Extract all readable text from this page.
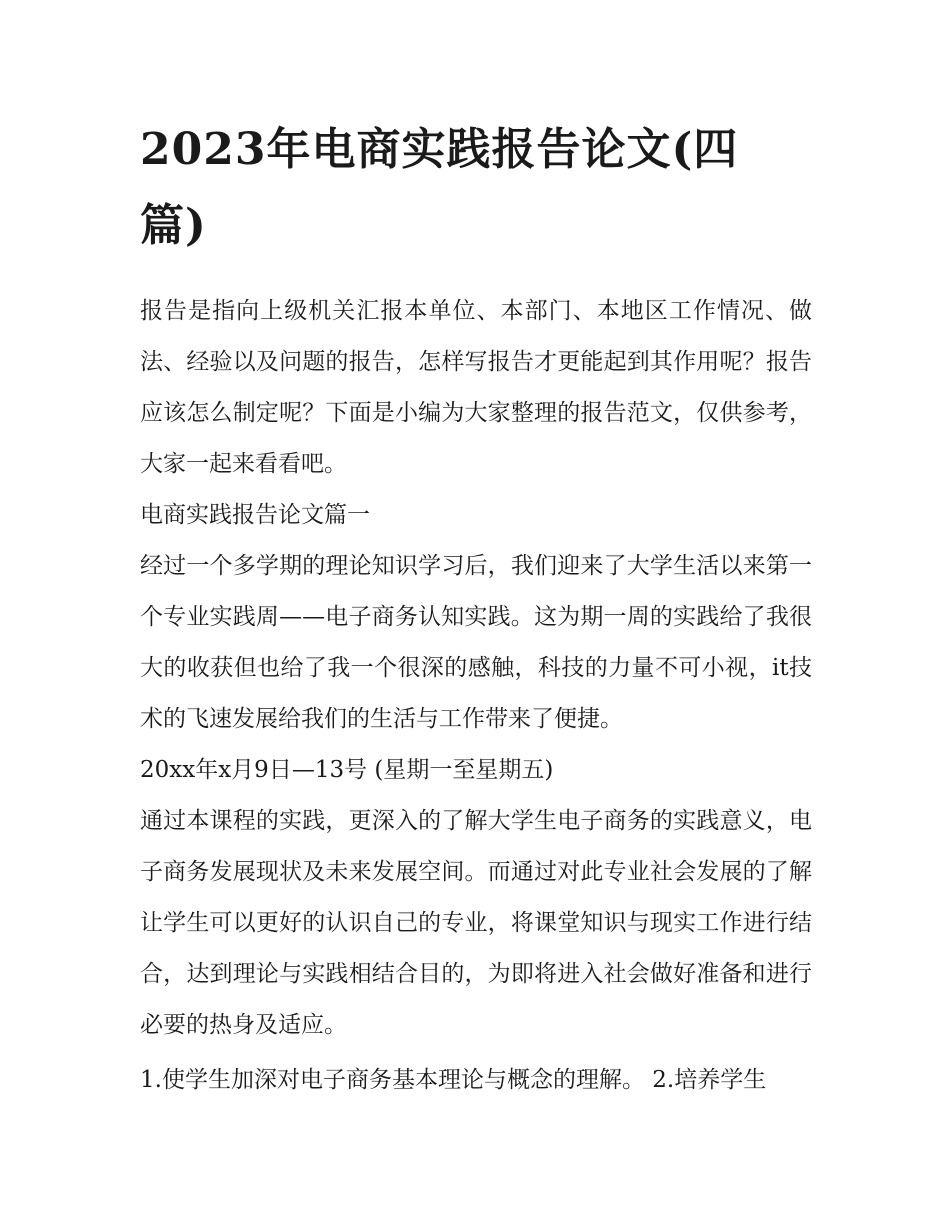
2023年电商实践报告论文(四篇)

报告是指向上级机关汇报本单位、本部门、本地区工作情况、做法、经验以及问题的报告，怎样写报告才更能起到其作用呢？报告应该怎么制定呢？下面是小编为大家整理的报告范文，仅供参考，大家一起来看看吧。

电商实践报告论文篇一

经过一个多学期的理论知识学习后，我们迎来了大学生活以来第一个专业实践周——电子商务认知实践。这为期一周的实践给了我很大的收获但也给了我一个很深的感触，科技的力量不可小视，it技术的飞速发展给我们的生活与工作带来了便捷。

20xx年x月9日—13号 (星期一至星期五)

通过本课程的实践，更深入的了解大学生电子商务的实践意义，电子商务发展现状及未来发展空间。而通过对此专业社会发展的了解让学生可以更好的认识自己的专业，将课堂知识与现实工作进行结合，达到理论与实践相结合目的，为即将进入社会做好准备和进行必要的热身及适应。

1.使学生加深对电子商务基本理论与概念的理解。 2.培养学生
